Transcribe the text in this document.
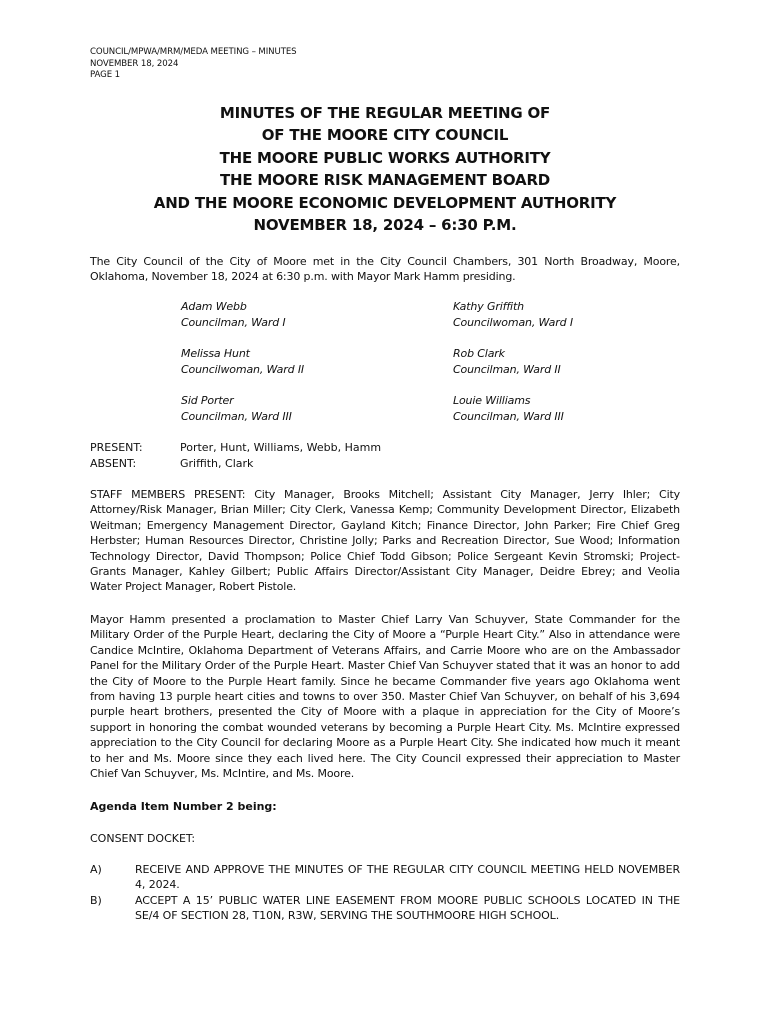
COUNCIL/MPWA/MRM/MEDA MEETING – MINUTES
NOVEMBER 18, 2024
PAGE 1
MINUTES OF THE REGULAR MEETING OF
OF THE MOORE CITY COUNCIL
THE MOORE PUBLIC WORKS AUTHORITY
THE MOORE RISK MANAGEMENT BOARD
AND THE MOORE ECONOMIC DEVELOPMENT AUTHORITY
NOVEMBER 18, 2024 – 6:30 P.M.
The City Council of the City of Moore met in the City Council Chambers, 301 North Broadway, Moore, Oklahoma, November 18, 2024 at 6:30 p.m. with Mayor Mark Hamm presiding.
Adam Webb
Councilman, Ward I
Kathy Griffith
Councilwoman, Ward I
Melissa Hunt
Councilwoman, Ward II
Rob Clark
Councilman, Ward II
Sid Porter
Councilman, Ward III
Louie Williams
Councilman, Ward III
PRESENT:	Porter, Hunt, Williams, Webb, Hamm
ABSENT:	Griffith, Clark
STAFF MEMBERS PRESENT: City Manager, Brooks Mitchell; Assistant City Manager, Jerry Ihler; City Attorney/Risk Manager, Brian Miller; City Clerk, Vanessa Kemp; Community Development Director, Elizabeth Weitman; Emergency Management Director, Gayland Kitch; Finance Director, John Parker; Fire Chief Greg Herbster; Human Resources Director, Christine Jolly; Parks and Recreation Director, Sue Wood; Information Technology Director, David Thompson; Police Chief Todd Gibson; Police Sergeant Kevin Stromski; Project-Grants Manager, Kahley Gilbert; Public Affairs Director/Assistant City Manager, Deidre Ebrey; and Veolia Water Project Manager, Robert Pistole.
Mayor Hamm presented a proclamation to Master Chief Larry Van Schuyver, State Commander for the Military Order of the Purple Heart, declaring the City of Moore a “Purple Heart City.” Also in attendance were Candice McIntire, Oklahoma Department of Veterans Affairs, and Carrie Moore who are on the Ambassador Panel for the Military Order of the Purple Heart. Master Chief Van Schuyver stated that it was an honor to add the City of Moore to the Purple Heart family. Since he became Commander five years ago Oklahoma went from having 13 purple heart cities and towns to over 350. Master Chief Van Schuyver, on behalf of his 3,694 purple heart brothers, presented the City of Moore with a plaque in appreciation for the City of Moore’s support in honoring the combat wounded veterans by becoming a Purple Heart City. Ms. McIntire expressed appreciation to the City Council for declaring Moore as a Purple Heart City. She indicated how much it meant to her and Ms. Moore since they each lived here. The City Council expressed their appreciation to Master Chief Van Schuyver, Ms. McIntire, and Ms. Moore.
Agenda Item Number 2 being:
CONSENT DOCKET:
A)	RECEIVE AND APPROVE THE MINUTES OF THE REGULAR CITY COUNCIL MEETING HELD NOVEMBER 4, 2024.
B)	ACCEPT A 15’ PUBLIC WATER LINE EASEMENT FROM MOORE PUBLIC SCHOOLS LOCATED IN THE SE/4 OF SECTION 28, T10N, R3W, SERVING THE SOUTHMOORE HIGH SCHOOL.
